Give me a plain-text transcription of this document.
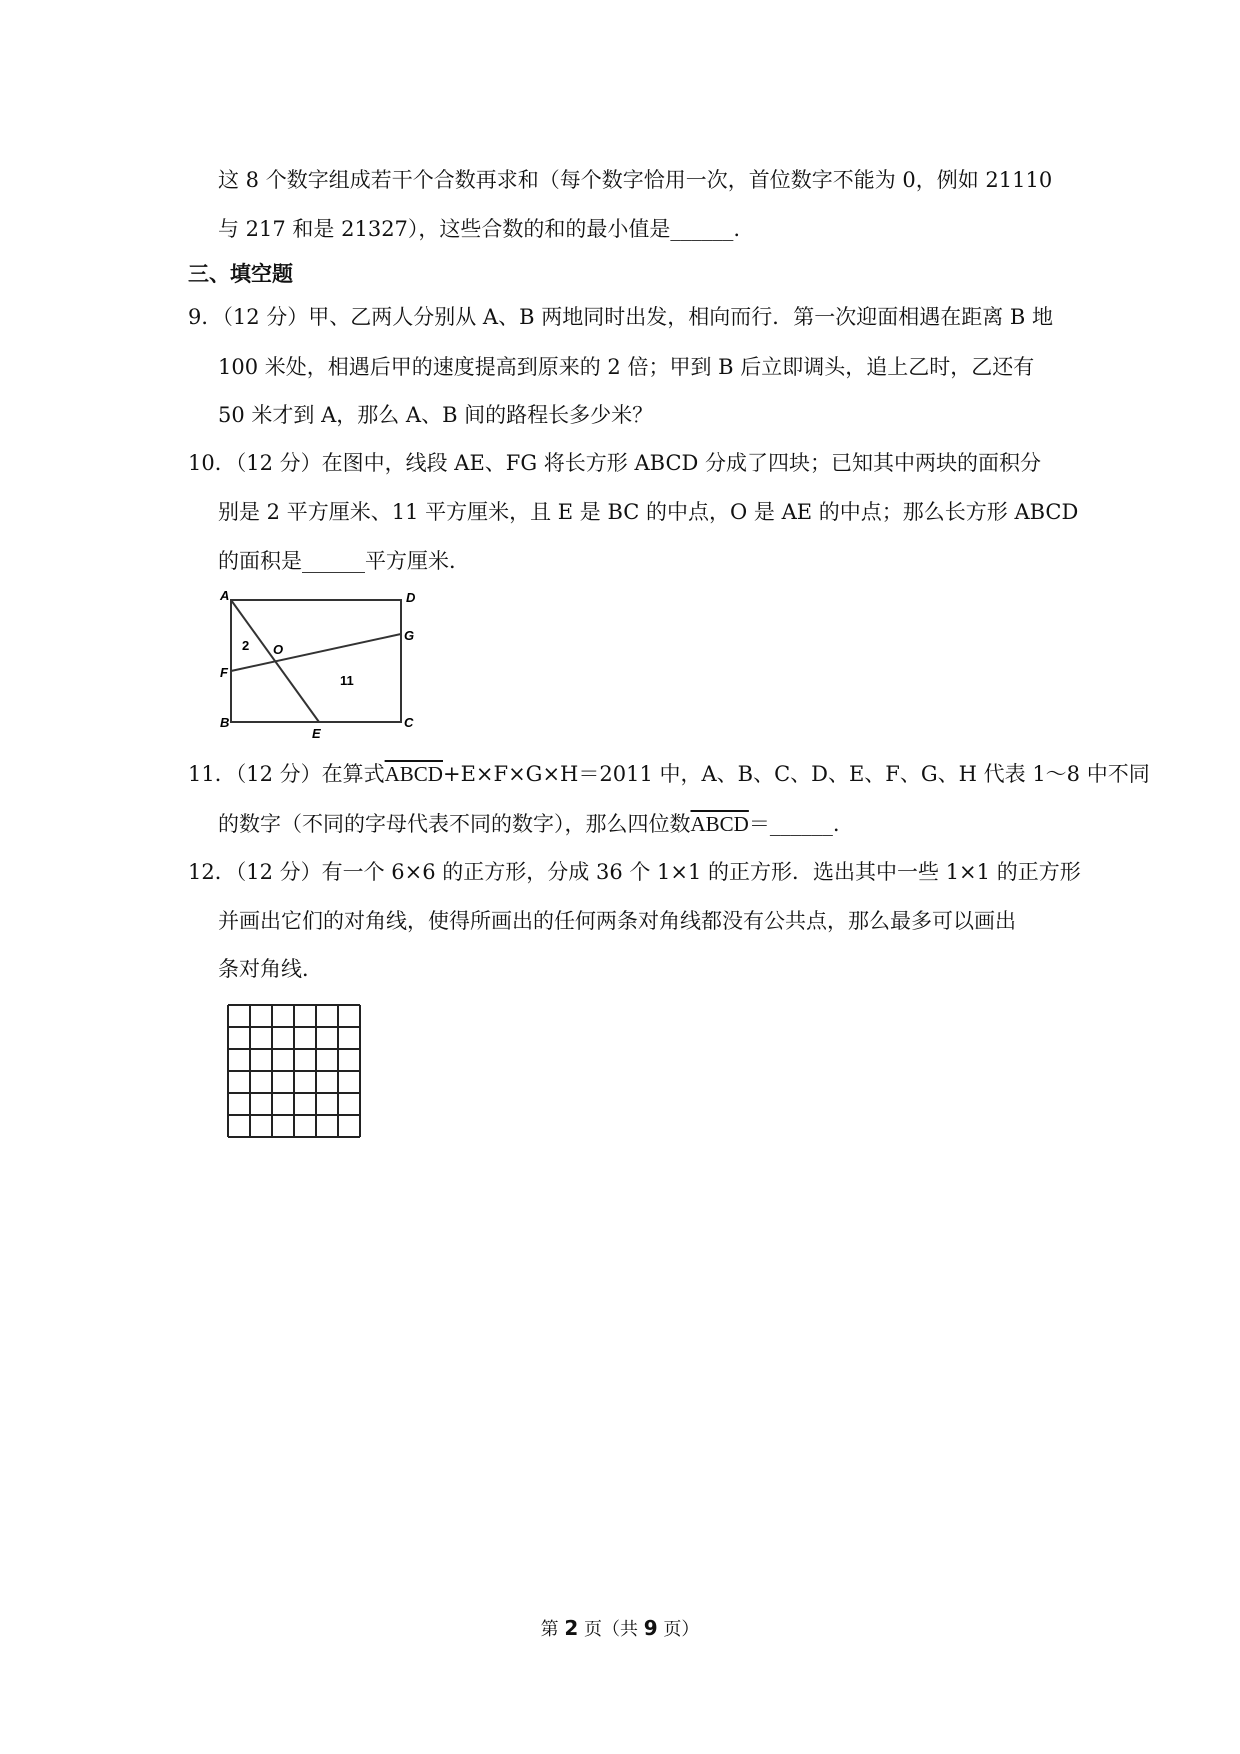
这 8 个数字组成若干个合数再求和（每个数字恰用一次，首位数字不能为 0，例如 21110
与 217 和是 21327），这些合数的和的最小值是______.
三、填空题
9．（12 分）甲、乙两人分别从 A、B 两地同时出发，相向而行．第一次迎面相遇在距离 B 地
100 米处，相遇后甲的速度提高到原来的 2 倍；甲到 B 后立即调头，追上乙时，乙还有
50 米才到 A，那么 A、B 间的路程长多少米？
10．（12 分）在图中，线段 AE、FG 将长方形 ABCD 分成了四块；已知其中两块的面积分
别是 2 平方厘米、11 平方厘米，且 E 是 BC 的中点，O 是 AE 的中点；那么长方形 ABCD
的面积是______平方厘米．
A	D
G
F
B	C
E
O
2
11
11．（12 分）在算式ABCD+E×F×G×H＝2011 中，A、B、C、D、E、F、G、H 代表 1～8 中不同
的数字（不同的字母代表不同的数字），那么四位数ABCD＝______.
12．（12 分）有一个 6×6 的正方形，分成 36 个 1×1 的正方形．选出其中一些 1×1 的正方形
并画出它们的对角线，使得所画出的任何两条对角线都没有公共点，那么最多可以画出
条对角线．
第 2 页（共 9 页）
